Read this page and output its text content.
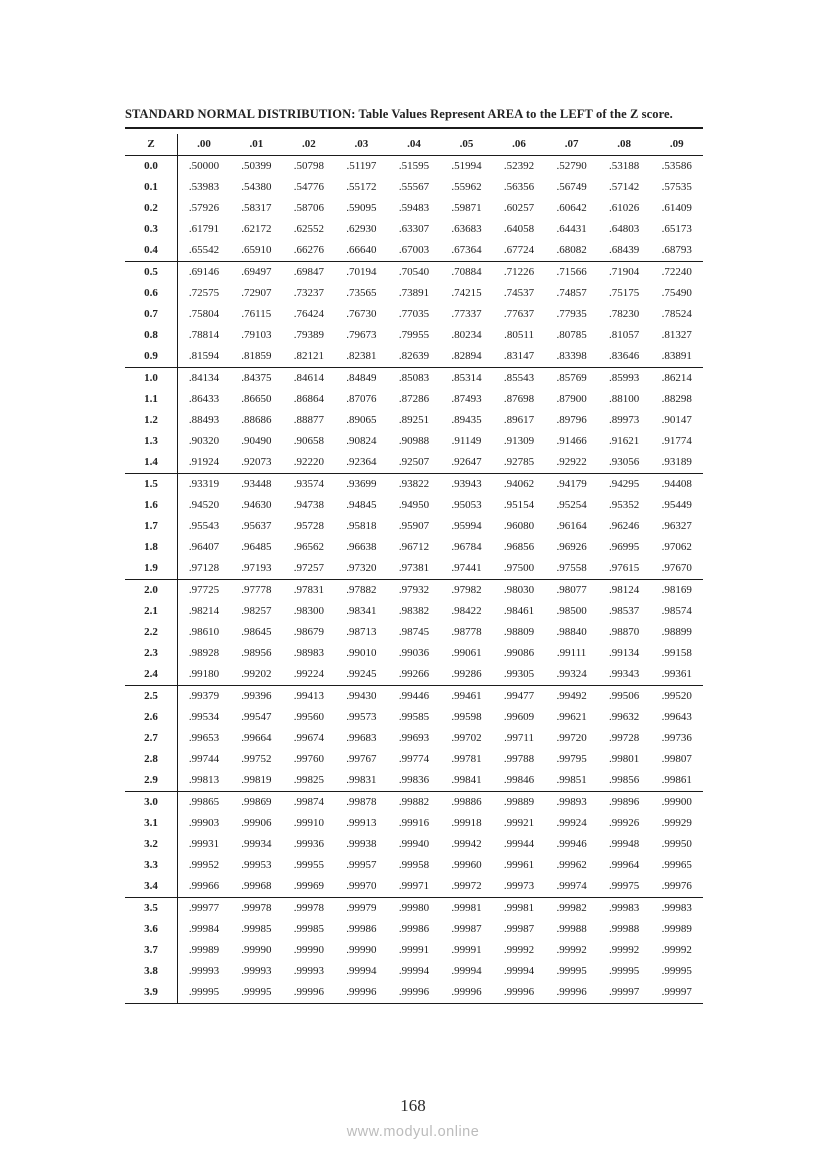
STANDARD NORMAL DISTRIBUTION: Table Values Represent AREA to the LEFT of the Z score.
Z	.00	.01	.02	.03	.04	.05	.06	.07	.08	.09
0.0	.50000	.50399	.50798	.51197	.51595	.51994	.52392	.52790	.53188	.53586
0.1	.53983	.54380	.54776	.55172	.55567	.55962	.56356	.56749	.57142	.57535
0.2	.57926	.58317	.58706	.59095	.59483	.59871	.60257	.60642	.61026	.61409
0.3	.61791	.62172	.62552	.62930	.63307	.63683	.64058	.64431	.64803	.65173
0.4	.65542	.65910	.66276	.66640	.67003	.67364	.67724	.68082	.68439	.68793
0.5	.69146	.69497	.69847	.70194	.70540	.70884	.71226	.71566	.71904	.72240
0.6	.72575	.72907	.73237	.73565	.73891	.74215	.74537	.74857	.75175	.75490
0.7	.75804	.76115	.76424	.76730	.77035	.77337	.77637	.77935	.78230	.78524
0.8	.78814	.79103	.79389	.79673	.79955	.80234	.80511	.80785	.81057	.81327
0.9	.81594	.81859	.82121	.82381	.82639	.82894	.83147	.83398	.83646	.83891
1.0	.84134	.84375	.84614	.84849	.85083	.85314	.85543	.85769	.85993	.86214
1.1	.86433	.86650	.86864	.87076	.87286	.87493	.87698	.87900	.88100	.88298
1.2	.88493	.88686	.88877	.89065	.89251	.89435	.89617	.89796	.89973	.90147
1.3	.90320	.90490	.90658	.90824	.90988	.91149	.91309	.91466	.91621	.91774
1.4	.91924	.92073	.92220	.92364	.92507	.92647	.92785	.92922	.93056	.93189
1.5	.93319	.93448	.93574	.93699	.93822	.93943	.94062	.94179	.94295	.94408
1.6	.94520	.94630	.94738	.94845	.94950	.95053	.95154	.95254	.95352	.95449
1.7	.95543	.95637	.95728	.95818	.95907	.95994	.96080	.96164	.96246	.96327
1.8	.96407	.96485	.96562	.96638	.96712	.96784	.96856	.96926	.96995	.97062
1.9	.97128	.97193	.97257	.97320	.97381	.97441	.97500	.97558	.97615	.97670
2.0	.97725	.97778	.97831	.97882	.97932	.97982	.98030	.98077	.98124	.98169
2.1	.98214	.98257	.98300	.98341	.98382	.98422	.98461	.98500	.98537	.98574
2.2	.98610	.98645	.98679	.98713	.98745	.98778	.98809	.98840	.98870	.98899
2.3	.98928	.98956	.98983	.99010	.99036	.99061	.99086	.99111	.99134	.99158
2.4	.99180	.99202	.99224	.99245	.99266	.99286	.99305	.99324	.99343	.99361
2.5	.99379	.99396	.99413	.99430	.99446	.99461	.99477	.99492	.99506	.99520
2.6	.99534	.99547	.99560	.99573	.99585	.99598	.99609	.99621	.99632	.99643
2.7	.99653	.99664	.99674	.99683	.99693	.99702	.99711	.99720	.99728	.99736
2.8	.99744	.99752	.99760	.99767	.99774	.99781	.99788	.99795	.99801	.99807
2.9	.99813	.99819	.99825	.99831	.99836	.99841	.99846	.99851	.99856	.99861
3.0	.99865	.99869	.99874	.99878	.99882	.99886	.99889	.99893	.99896	.99900
3.1	.99903	.99906	.99910	.99913	.99916	.99918	.99921	.99924	.99926	.99929
3.2	.99931	.99934	.99936	.99938	.99940	.99942	.99944	.99946	.99948	.99950
3.3	.99952	.99953	.99955	.99957	.99958	.99960	.99961	.99962	.99964	.99965
3.4	.99966	.99968	.99969	.99970	.99971	.99972	.99973	.99974	.99975	.99976
3.5	.99977	.99978	.99978	.99979	.99980	.99981	.99981	.99982	.99983	.99983
3.6	.99984	.99985	.99985	.99986	.99986	.99987	.99987	.99988	.99988	.99989
3.7	.99989	.99990	.99990	.99990	.99991	.99991	.99992	.99992	.99992	.99992
3.8	.99993	.99993	.99993	.99994	.99994	.99994	.99994	.99995	.99995	.99995
3.9	.99995	.99995	.99996	.99996	.99996	.99996	.99996	.99996	.99997	.99997
168
www.modyul.online
